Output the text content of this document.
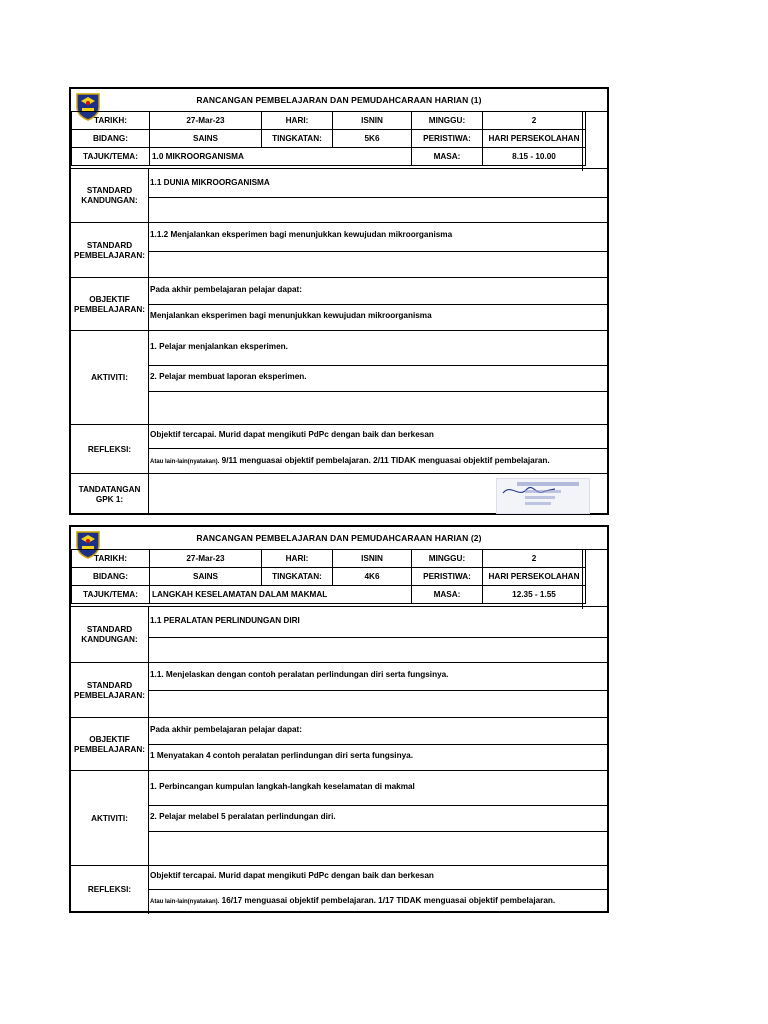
RANCANGAN PEMBELAJARAN DAN PEMUDAHCARAAN HARIAN (1)
TARIKH:	27-Mar-23	HARI:	ISNIN	MINGGU:	2	
BIDANG:	SAINS	TINGKATAN:	5K6	PERISTIWA:	HARI PERSEKOLAHAN	
TAJUK/TEMA:	1.0 MIKROORGANISMA			MASA:	8.15 - 10.00	
STANDARD KANDUNGAN:
1.1 DUNIA MIKROORGANISMA
STANDARD PEMBELAJARAN:
1.1.2 Menjalankan eksperimen bagi menunjukkan kewujudan mikroorganisma
OBJEKTIF PEMBELAJARAN:
Pada akhir pembelajaran pelajar dapat:
Menjalankan eksperimen bagi menunjukkan kewujudan mikroorganisma
AKTIVITI:
1. Pelajar menjalankan eksperimen.
2. Pelajar membuat laporan eksperimen.
REFLEKSI:
Objektif tercapai. Murid dapat mengikuti PdPc dengan baik dan berkesan
Atau lain-lain(nyatakan). 9/11 menguasai objektif pembelajaran. 2/11 TIDAK menguasai objektif pembelajaran.
TANDATANGAN GPK 1:
RANCANGAN PEMBELAJARAN DAN PEMUDAHCARAAN HARIAN (2)
TARIKH:	27-Mar-23	HARI:	ISNIN	MINGGU:	2	
BIDANG:	SAINS	TINGKATAN:	4K6	PERISTIWA:	HARI PERSEKOLAHAN	
TAJUK/TEMA:	LANGKAH KESELAMATAN DALAM MAKMAL			MASA:	12.35 - 1.55	
STANDARD KANDUNGAN:
1.1 PERALATAN PERLINDUNGAN DIRI
STANDARD PEMBELAJARAN:
1.1. Menjelaskan dengan contoh peralatan perlindungan diri serta fungsinya.
OBJEKTIF PEMBELAJARAN:
Pada akhir pembelajaran pelajar dapat:
1 Menyatakan 4 contoh peralatan perlindungan diri serta fungsinya.
AKTIVITI:
1. Perbincangan kumpulan langkah-langkah keselamatan di makmal
2. Pelajar melabel 5 peralatan perlindungan diri.
REFLEKSI:
Objektif tercapai. Murid dapat mengikuti PdPc dengan baik dan berkesan
Atau lain-lain(nyatakan). 16/17 menguasai objektif pembelajaran. 1/17 TIDAK menguasai objektif pembelajaran.
